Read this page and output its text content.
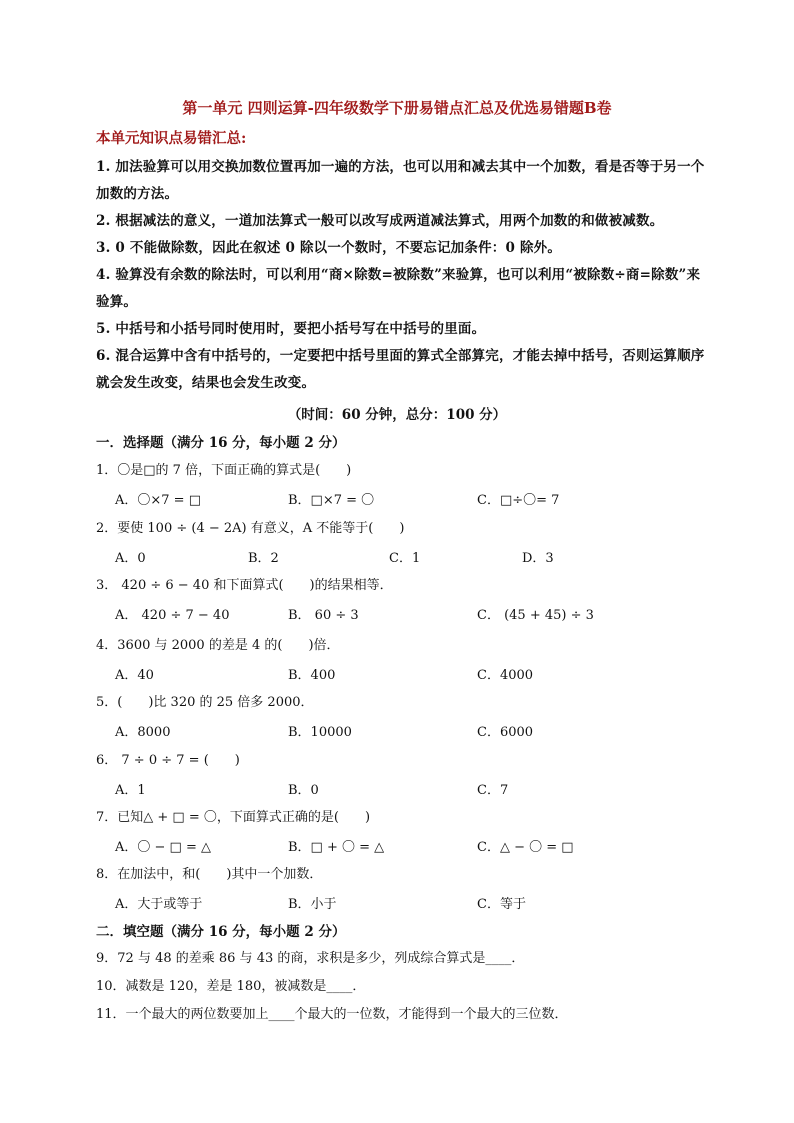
第一单元 四则运算-四年级数学下册易错点汇总及优选易错题B卷
本单元知识点易错汇总:
1. 加法验算可以用交换加数位置再加一遍的方法，也可以用和减去其中一个加数，看是否等于另一个加数的方法。
2. 根据减法的意义，一道加法算式一般可以改写成两道减法算式，用两个加数的和做被减数。
3. 0 不能做除数，因此在叙述 0 除以一个数时，不要忘记加条件：0 除外。
4. 验算没有余数的除法时，可以利用“商×除数=被除数”来验算，也可以利用“被除数÷商=除数”来验算。
5. 中括号和小括号同时使用时，要把小括号写在中括号的里面。
6. 混合运算中含有中括号的，一定要把中括号里面的算式全部算完，才能去掉中括号，否则运算顺序就会发生改变，结果也会发生改变。
（时间：60 分钟，总分：100 分）
一．选择题（满分 16 分，每小题 2 分）
1．〇是□的 7 倍，下面正确的算式是(　　)
A．〇×7 = □	B．□×7 = 〇	C．□÷〇= 7
2．要使 100 ÷ (4 − 2A) 有意义，A 不能等于(　　)
A．0	B．2	C．1	D．3
3． 420 ÷ 6 − 40 和下面算式(　　)的结果相等．
A． 420 ÷ 7 − 40	B． 60 ÷ 3	C． (45 + 45) ÷ 3
4．3600 与 2000 的差是 4 的(　　)倍．
A．40	B．400	C．4000
5．(　　)比 320 的 25 倍多 2000．
A．8000	B．10000	C．6000
6． 7 ÷ 0 ÷ 7 = (　　)
A．1	B．0	C．7
7．已知△ + □ = 〇，下面算式正确的是(　　)
A．〇 − □ = △	B．□ + 〇 = △	C．△ − 〇 = □
8．在加法中，和(　　)其中一个加数．
A．大于或等于	B．小于	C．等于
二．填空题（满分 16 分，每小题 2 分）
9．72 与 48 的差乘 86 与 43 的商，求积是多少，列成综合算式是____．
10．减数是 120，差是 180，被减数是____．
11．一个最大的两位数要加上____个最大的一位数，才能得到一个最大的三位数．
